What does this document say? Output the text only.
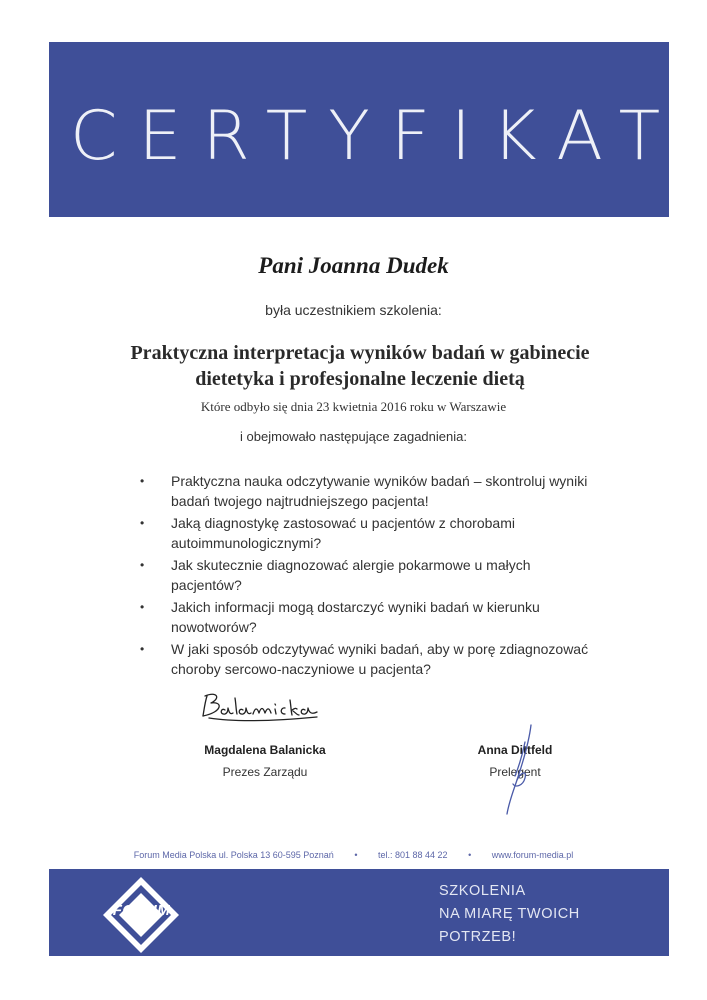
CERTYFIKAT
Pani Joanna Dudek
była uczestnikiem szkolenia:
Praktyczna interpretacja wyników badań w gabinecie
dietetyka i profesjonalne leczenie dietą
Które odbyło się dnia 23 kwietnia 2016 roku w Warszawie
i obejmowało następujące zagadnienia:
• Praktyczna nauka odczytywanie wyników badań – skontroluj wyniki
badań twojego najtrudniejszego pacjenta!
• Jaką diagnostykę zastosować u pacjentów z chorobami
autoimmunologicznymi?
• Jak skutecznie diagnozować alergie pokarmowe u małych
pacjentów?
• Jakich informacji mogą dostarczyć wyniki badań w kierunku
nowotworów?
• W jaki sposób odczytywać wyniki badań, aby w porę zdiagnozować
choroby sercowo-naczyniowe u pacjenta?
Magdalena Balanicka
Prezes Zarządu
Anna Dittfeld
Prelegent
Forum Media Polska ul. Polska 13 60-595 Poznań • tel.: 801 88 44 22 • www.forum-media.pl
FORUM
SZKOLENIA
NA MIARĘ TWOICH
POTRZEB!
